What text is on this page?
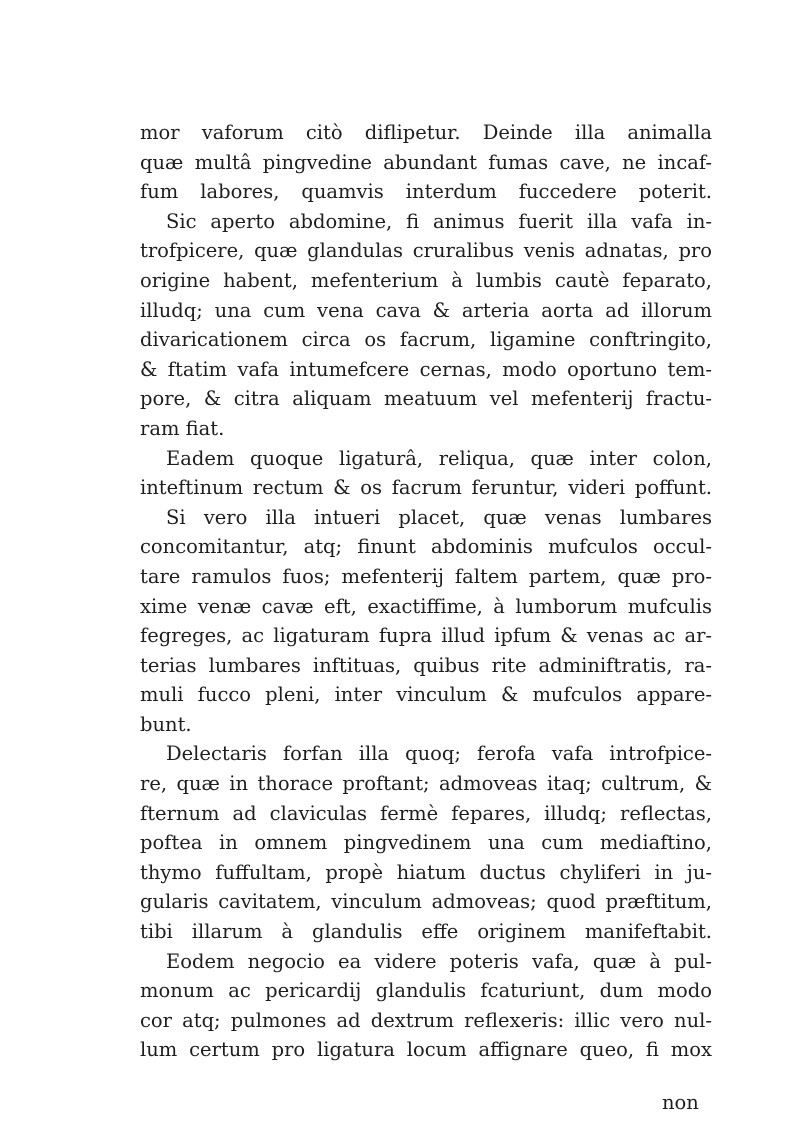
mor vaforum citò diflipetur. Deinde illa animalla
quæ multâ pingvedine abundant fumas cave, ne incaf-
fum labores, quamvis interdum fuccedere poterit.
Sic aperto abdomine, fi animus fuerit illa vafa in-
trofpicere, quæ glandulas cruralibus venis adnatas, pro
origine habent, mefenterium à lumbis cautè feparato,
illudq; una cum vena cava & arteria aorta ad illorum
divaricationem circa os facrum, ligamine conftringito,
& ftatim vafa intumefcere cernas, modo oportuno tem-
pore, & citra aliquam meatuum vel mefenterij fractu-
ram fiat.
Eadem quoque ligaturâ, reliqua, quæ inter colon,
inteftinum rectum & os facrum feruntur, videri poffunt.
Si vero illa intueri placet, quæ venas lumbares
concomitantur, atq; finunt abdominis mufculos occul-
tare ramulos fuos; mefenterij faltem partem, quæ pro-
xime venæ cavæ eft, exactiffime, à lumborum mufculis
fegreges, ac ligaturam fupra illud ipfum & venas ac ar-
terias lumbares inftituas, quibus rite adminiftratis, ra-
muli fucco pleni, inter vinculum & mufculos appare-
bunt.
Delectaris forfan illa quoq; ferofa vafa introfpice-
re, quæ in thorace proftant; admoveas itaq; cultrum, &
fternum ad claviculas fermè fepares, illudq; reflectas,
poftea in omnem pingvedinem una cum mediaftino,
thymo fuffultam, propè hiatum ductus chyliferi in ju-
gularis cavitatem, vinculum admoveas; quod præftitum,
tibi illarum à glandulis effe originem manifeftabit.
Eodem negocio ea videre poteris vafa, quæ à pul-
monum ac pericardij glandulis fcaturiunt, dum modo
cor atq; pulmones ad dextrum reflexeris: illic vero nul-
lum certum pro ligatura locum affignare queo, fi mox
non
